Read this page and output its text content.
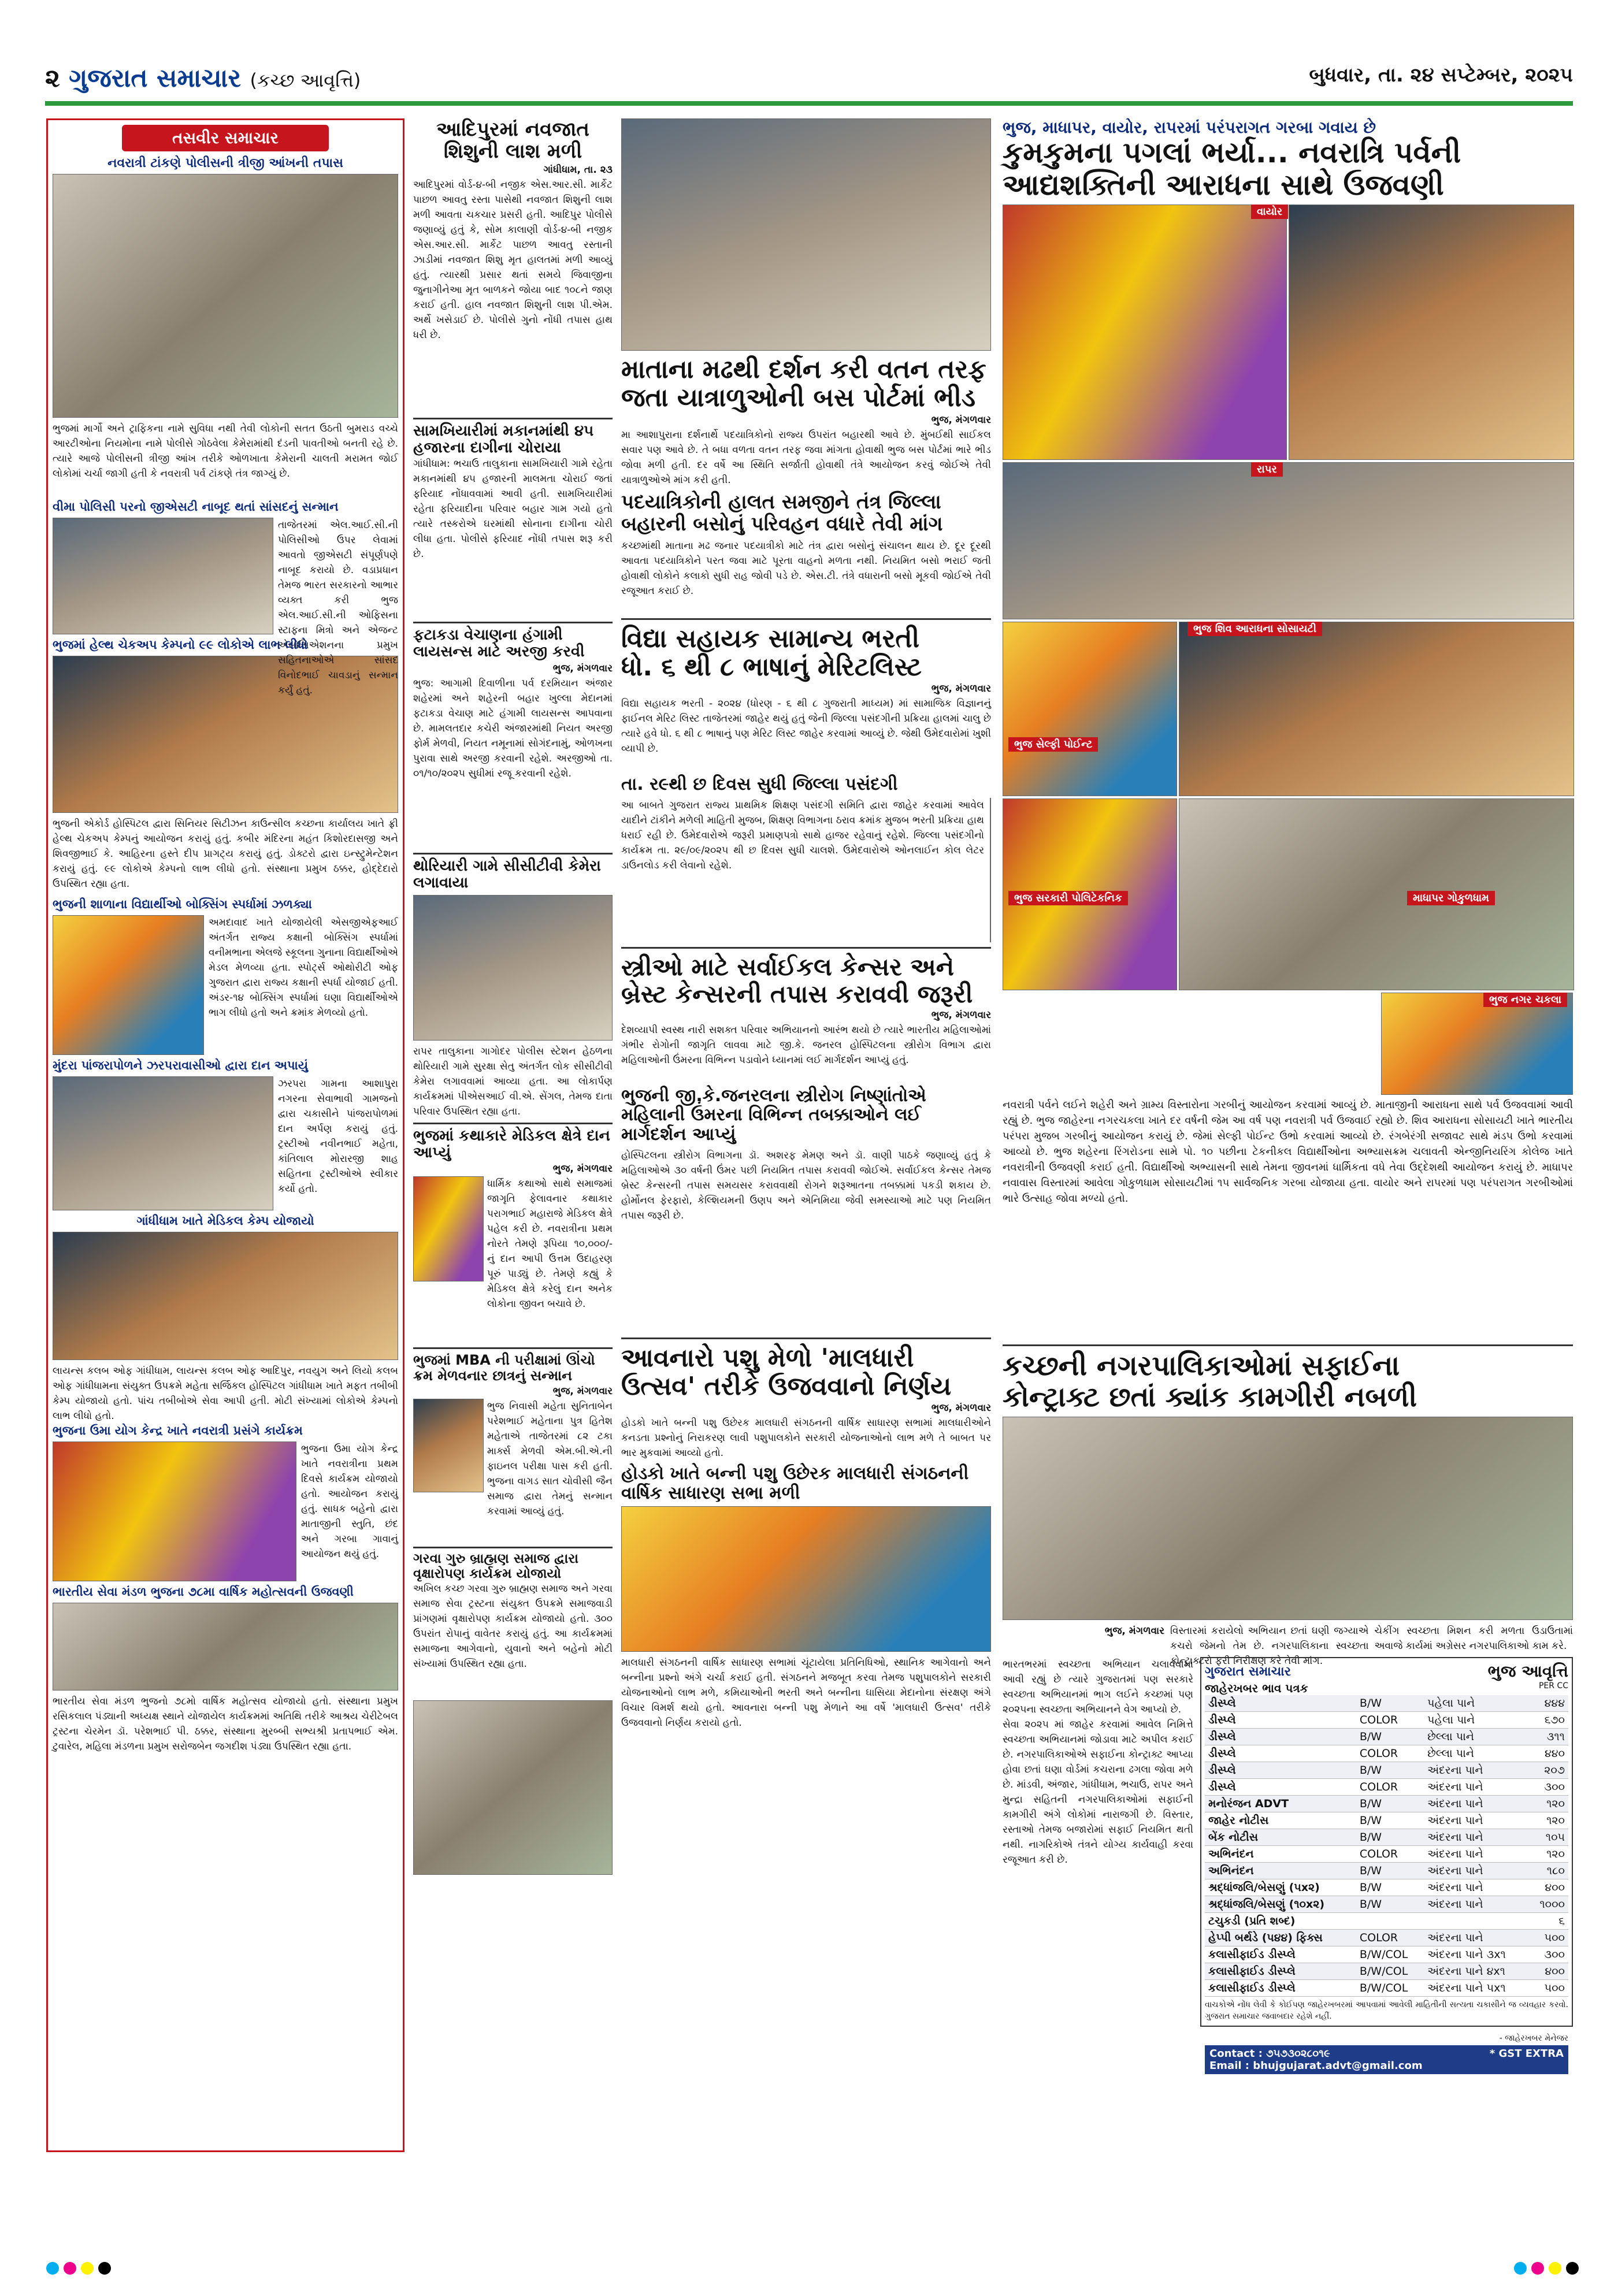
૨ ગુજરાત સમાચાર (કચ્છ આવૃત્તિ)	બુધવાર, તા. ૨૪ સપ્ટેમ્બર, ૨૦૨૫
તસવીર સમાચાર
નવરાત્રી ટાંકણે પોલીસની ત્રીજી આંખની તપાસ
ભુજમાં માર્ગો અને ટ્રાફિકના નામે સુવિધા નથી તેવી લોકોની સતત ઉઠતી બુમરાડ વચ્ચે આરટીઓના નિયમોના નામે પોલીસે ગોઠવેલા કેમેરામાંથી દંડની પાવતીઓ બનતી રહે છે. ત્યારે આજે પોલીસની ત્રીજી આંખ તરીકે ઓળખાતા કેમેરાની ચાલતી મરામત જોઈ લોકોમાં ચર્ચા જાગી હતી કે નવરાત્રી પર્વ ટાંકણે તંત્ર જાગ્યું છે.
વીમા પોલિસી પરનો જીએસટી નાબૂદ થતાં સાંસદનું સન્માન
તાજેતરમાં એલ.આઈ.સી.ની પોલિસીઓ ઉપર લેવામાં આવતો જીએસટી સંપૂર્ણપણે નાબૂદ કરાયો છે. વડાપ્રધાન તેમજ ભારત સરકારનો આભાર વ્યક્ત કરી ભુજ એલ.આઈ.સી.ની ઓફિસના સ્ટાફના મિત્રો અને એજન્ટ એસોસિએશનના પ્રમુખ સહિતનાઓએ સાંસદ વિનોદભાઈ ચાવડાનું સન્માન કર્યું હતું.
ભુજમાં હેલ્થ ચેકઅપ કેમ્પનો ૯૯ લોકોએ લાભ લીધો
ભુજની એકોર્ડ હોસ્પિટલ દ્વારા સિનિયર સિટીઝન કાઉન્સીલ કચ્છના કાર્યાલય ખાતે ફ્રી હેલ્થ ચેકઅપ કેમ્પનું આયોજન કરાયું હતું. કબીર મંદિરના મહંત કિશોરદાસજી અને શિવજીભાઈ કે. આહિરના હસ્તે દીપ પ્રાગટ્ય કરાયું હતું. ડોક્ટરો દ્વારા ઇન્સ્ટ્રુમેન્ટેશન કરાયું હતું. ૯૯ લોકોએ કેમ્પનો લાભ લીધો હતો. સંસ્થાના પ્રમુખ ઠક્કર, હોદ્દેદારો ઉપસ્થિત રહ્યા હતા.
ભુજની શાળાના વિદ્યાર્થીઓ બોક્સિંગ સ્પર્ધામાં ઝળક્યા
અમદાવાદ ખાતે યોજાયેલી એસજીએફઆઈ અંતર્ગત રાજ્ય કક્ષાની બોક્સિંગ સ્પર્ધામાં વનીમભાના એલજે સ્કૂલના ગુનાના વિદ્યાર્થીઓએ મેડલ મેળવ્યા હતા. સ્પોર્ટ્સ ઓથોરીટી ઓફ ગુજરાત દ્વારા રાજ્ય કક્ષાની સ્પર્ધા યોજાઈ હતી. અંડર-૧૪ બોક્સિંગ સ્પર્ધામાં ઘણા વિદ્યાર્થીઓએ ભાગ લીધો હતો અને ક્રમાંક મેળવ્યો હતો.
મુંદરા પાંજરાપોળને ઝરપરાવાસીઓ દ્વારા દાન અપાયું
ઝરપરા ગામના આશાપુરા નગરના સેવાભાવી ગામજનો દ્વારા ચકાસીને પાંજરાપોળમાં દાન અર્પણ કરાયું હતું. ટ્રસ્ટીઓ નવીનભાઈ મહેતા, કાંતિલાલ મોરારજી શાહ સહિતના ટ્રસ્ટીઓએ સ્વીકાર કર્યો હતો.
ગાંધીધામ ખાતે મેડિકલ કેમ્પ યોજાયો
લાયન્સ કલબ ઓફ ગાંધીધામ, લાયન્સ કલબ ઓફ આદિપુર, નવયુગ અને લિયો કલબ ઓફ ગાંધીધામના સંયુક્ત ઉપક્રમે મહેતા સર્જિકલ હોસ્પિટલ ગાંધીધામ ખાતે મફત તબીબી કેમ્પ યોજાયો હતો. પાંચ તબીબોએ સેવા આપી હતી. મોટી સંખ્યામાં લોકોએ કેમ્પનો લાભ લીધો હતો.
ભુજના ઉમા યોગ કેન્દ્ર ખાતે નવરાત્રી પ્રસંગે કાર્યક્રમ
ભુજના ઉમા યોગ કેન્દ્ર ખાતે નવરાત્રીના પ્રથમ દિવસે કાર્યક્રમ યોજાયો હતો. આયોજન કરાયું હતું. સાધક બહેનો દ્વારા માતાજીની સ્તુતિ, છંદ અને ગરબા ગાવાનું આયોજન થયું હતું.
ભારતીય સેવા મંડળ ભુજના ૭૮મા વાર્ષિક મહોત્સવની ઉજવણી
ભારતીય સેવા મંડળ ભુજનો ૭૮મો વાર્ષિક મહોત્સવ યોજાયો હતો. સંસ્થાના પ્રમુખ રસિકલાલ પંડ્યાની અધ્યક્ષ સ્થાને યોજાયેલ કાર્યક્રમમાં અતિથિ તરીકે આશ્રય ચેરીટેબલ ટ્રસ્ટના ચેરમેન ડૉ. પરેશભાઈ પી. ઠક્કર, સંસ્થાના મુરબ્બી સભ્યશ્રી પ્રતાપભાઈ એમ. ટુવારેલ, મહિલા મંડળના પ્રમુખ સરોજબેન જગદીશ પંડ્યા ઉપસ્થિત રહ્યા હતા.
આદિપુરમાં નવજાત શિશુની લાશ મળી
ગાંધીધામ, તા. ૨૩
આદિપુરમાં વોર્ડ-૪-બી નજીક એસ.આર.સી. માર્કેટ પાછળ આવતુ રસ્તા પાસેથી નવજાત શિશુની લાશ મળી આવતા ચકચાર પ્રસરી હતી. આદિપુર પોલીસે જણાવ્યું હતું કે, સોમ કાલાણી વોર્ડ-૪-બી નજીક એસ.આર.સી. માર્કેટ પાછળ આવતુ રસ્તાની ઝાડીમાં નવજાત શિશુ મૃત હાલતમાં મળી આવ્યું હતું. ત્યારથી પ્રસાર થતાં સમયે જિવાજીના જુનાગીનેઆ મૃત બાળકને જોયા બાદ ૧૦૮ને જાણ કરાઈ હતી. હાલ નવજાત શિશુની લાશ પી.એમ. અર્થે ખસેડાઈ છે. પોલીસે ગુનો નોંધી તપાસ હાથ ધરી છે.
સામખિયારીમાં મકાનમાંથી ૪૫ હજારના દાગીના ચોરાયા
ગાંધીધામ: ભચાઉ તાલુકાના સામખિયારી ગામે રહેતા મકાનમાંથી ૪૫ હજારની માલમતા ચોરાઈ જતાં ફરિયાદ નોંધાવવામાં આવી હતી. સામખિયારીમાં રહેતા ફરિયાદીના પરિવાર બહાર ગામ ગયો હતો ત્યારે તસ્કરોએ ઘરમાંથી સોનાના દાગીના ચોરી લીધા હતા. પોલીસે ફરિયાદ નોંધી તપાસ શરૂ કરી છે.
ફટાકડા વેચાણના હંગામી લાયસન્સ માટે અરજી કરવી
ભુજ, મંગળવાર
ભુજ: આગામી દિવાળીના પર્વ દરમિયાન અંજાર શહેરમાં અને શહેરની બહાર ખુલ્લા મેદાનમાં ફટાકડા વેચાણ માટે હંગામી લાયસન્સ આપવાના છે. મામલતદાર કચેરી અંજારમાંથી નિયત અરજી ફોર્મ મેળવી, નિયત નમૂનામાં સોગંદનામું, ઓળખના પુરાવા સાથે અરજી કરવાની રહેશે. અરજીઓ તા. ૦૧/૧૦/૨૦૨૫ સુધીમાં રજૂ કરવાની રહેશે.
થોરિયારી ગામે સીસીટીવી કેમેરા લગાવાયા
રાપર તાલુકાના ગાગોદર પોલીસ સ્ટેશન હેઠળના થોરિયારી ગામે સુરક્ષા સેતુ અંતર્ગત લોક સીસીટીવી કેમેરા લગાવવામાં આવ્યા હતા. આ લોકાર્પણ કાર્યક્રમમાં પીએસઆઈ વી.એ. સેંગલ, તેમજ દાતા પરિવાર ઉપસ્થિત રહ્યા હતા.
ભુજમાં કથાકારે મેડિકલ ક્ષેત્રે દાન આપ્યું
ભુજ, મંગળવાર
ધાર્મિક કથાઓ સાથે સમાજમાં જાગૃતિ ફેલાવનાર કથાકાર પરાગભાઈ મહારાજે મેડિકલ ક્ષેત્રે પહેલ કરી છે. નવરાત્રીના પ્રથમ નોરતે તેમણે રૂપિયા ૧૦,૦૦૦/- નું દાન આપી ઉત્તમ ઉદાહરણ પૂરું પાડ્યું છે. તેમણે કહ્યું કે મેડિકલ ક્ષેત્રે કરેલું દાન અનેક લોકોના જીવન બચાવે છે.
ભુજમાં MBA ની પરીક્ષામાં ઊંચો ક્રમ મેળવનાર છાત્રનું સન્માન
ભુજ, મંગળવાર
ભુજ નિવાસી મહેતા સુનિતાબેન પરેશભાઈ મહેતાના પુત્ર હિતેશ મહેતાએ તાજેતરમાં ૮૨ ટકા માર્ક્સ મેળવી એમ.બી.એ.ની ફાઇનલ પરીક્ષા પાસ કરી હતી. ભુજના વાગડ સાત ચોવીસી જૈન સમાજ દ્વારા તેમનું સન્માન કરવામાં આવ્યું હતું.
ગરવા ગુરુ બ્રાહ્મણ સમાજ દ્વારા વૃક્ષારોપણ કાર્યક્રમ યોજાયો
અખિલ કચ્છ ગરવા ગુરુ બ્રાહ્મણ સમાજ અને ગરવા સમાજ સેવા ટ્રસ્ટના સંયુક્ત ઉપક્રમે સમાજવાડી પ્રાંગણમાં વૃક્ષારોપણ કાર્યક્રમ યોજાયો હતો. ૩૦૦ ઉપરાંત રોપાનું વાવેતર કરાયું હતું. આ કાર્યક્રમમાં સમાજના આગેવાનો, યુવાનો અને બહેનો મોટી સંખ્યામાં ઉપસ્થિત રહ્યા હતા.
માતાના મઢથી દર્શન કરી વતન તરફ
જતા યાત્રાળુઓની બસ પોર્ટમાં ભીડ
ભુજ, મંગળવાર
મા આશાપુરાના દર્શનાર્થે પદયાત્રિકોનો રાજ્ય ઉપરાંત બહારથી આવે છે. મુંબઈથી સાઈકલ સવાર પણ આવે છે. તે બધા વળતા વતન તરફ જવા માંગતા હોવાથી ભુજ બસ પોર્ટમાં ભારે ભીડ જોવા મળી હતી. દર વર્ષે આ સ્થિતિ સર્જાતી હોવાથી તંત્રે આયોજન કરવું જોઈએ તેવી યાત્રાળુઓએ માંગ કરી હતી.
પદયાત્રિકોની હાલત સમજીને તંત્ર જિલ્લા બહારની બસોનું પરિવહન વધારે તેવી માંગ
કચ્છમાંથી માતાના મઢ જનાર પદયાત્રીકો માટે તંત્ર દ્વારા બસોનું સંચાલન થાય છે. દૂર દૂરથી આવતા પદયાત્રિકોને પરત જવા માટે પૂરતા વાહનો મળતા નથી. નિયમિત બસો ભરાઈ જતી હોવાથી લોકોને કલાકો સુધી રાહ જોવી પડે છે. એસ.ટી. તંત્રે વધારાની બસો મૂકવી જોઈએ તેવી રજૂઆત કરાઈ છે.
વિદ્યા સહાયક સામાન્ય ભરતી
ધો. ૬ થી ૮ ભાષાનું મેરિટલિસ્ટ
ભુજ, મંગળવાર
વિદ્યા સહાયક ભરતી - ૨૦૨૪ (ધોરણ - ૬ થી ૮ ગુજરાતી માધ્યમ) માં સામાજિક વિજ્ઞાનનું ફાઈનલ મેરિટ લિસ્ટ તાજેતરમાં જાહેર થયું હતું જેની જિલ્લા પસંદગીની પ્રક્રિયા હાલમાં ચાલુ છે ત્યારે હવે ધો. ૬ થી ૮ ભાષાનું પણ મેરિટ લિસ્ટ જાહેર કરવામાં આવ્યું છે. જેથી ઉમેદવારોમાં ખુશી વ્યાપી છે.
તા. ર૯થી છ દિવસ સુધી જિલ્લા પસંદગી
આ બાબતે ગુજરાત રાજ્ય પ્રાથમિક શિક્ષણ પસંદગી સમિતિ દ્વારા જાહેર કરવામાં આવેલ યાદીને ટાંકીને મળેલી માહિતી મુજબ, શિક્ષણ વિભાગના ઠરાવ ક્રમાંક મુજબ ભરતી પ્રક્રિયા હાથ ધરાઈ રહી છે. ઉમેદવારોએ જરૂરી પ્રમાણપત્રો સાથે હાજર રહેવાનું રહેશે. જિલ્લા પસંદગીનો કાર્યક્રમ તા. ૨૯/૦૯/૨૦૨૫ થી છ દિવસ સુધી ચાલશે. ઉમેદવારોએ ઓનલાઈન કોલ લેટર ડાઉનલોડ કરી લેવાનો રહેશે.
સ્ત્રીઓ માટે સર્વાઈકલ કેન્સર અને
બ્રેસ્ટ કેન્સરની તપાસ કરાવવી જરૂરી
ભુજ, મંગળવાર
દેશવ્યાપી સ્વસ્થ નારી સશક્ત પરિવાર અભિયાનનો આરંભ થયો છે ત્યારે ભારતીય મહિલાઓમાં ગંભીર રોગોની જાગૃતિ લાવવા માટે જી.કે. જનરલ હોસ્પિટલના સ્ત્રીરોગ વિભાગ દ્વારા મહિલાઓની ઉંમરના વિભિન્ન પડાવોને ધ્યાનમાં લઈ માર્ગદર્શન આપ્યું હતું.
ભુજની જી.કે.જનરલના સ્ત્રીરોગ નિષ્ણાંતોએ મહિલાની ઉંમરના વિભિન્ન તબક્કાઓને લઈ માર્ગદર્શન આપ્યું
હોસ્પિટલના સ્ત્રીરોગ વિભાગના ડૉ. અશરફ મેમણ અને ડૉ. વાણી પાઠકે જણાવ્યું હતું કે મહિલાઓએ ૩૦ વર્ષની ઉંમર પછી નિયમિત તપાસ કરાવવી જોઈએ. સર્વાઈકલ કેન્સર તેમજ બ્રેસ્ટ કેન્સરની તપાસ સમયસર કરાવવાથી રોગને શરૂઆતના તબક્કામાં પકડી શકાય છે. હોર્મોનલ ફેરફારો, કેલ્શિયમની ઉણપ અને એનિમિયા જેવી સમસ્યાઓ માટે પણ નિયમિત તપાસ જરૂરી છે.
આવનારો પશુ મેળો 'માલધારી
ઉત્સવ' તરીકે ઉજવવાનો નિર્ણય
ભુજ, મંગળવાર
હોડકો ખાતે બન્ની પશુ ઉછેરક માલધારી સંગઠનની વાર્ષિક સાધારણ સભામાં માલધારીઓને કનડતા પ્રશ્નોનું નિરાકરણ લાવી પશુપાલકોને સરકારી યોજનાઓનો લાભ મળે તે બાબત પર ભાર મુકવામાં આવ્યો હતો.
હોડકો ખાતે બન્ની પશુ ઉછેરક માલધારી સંગઠનની વાર્ષિક સાધારણ સભા મળી
માલધારી સંગઠનની વાર્ષિક સાધારણ સભામાં ચૂંટાયેલા પ્રતિનિધિઓ, સ્થાનિક આગેવાનો અને બન્નીના પ્રશ્નો અંગે ચર્ચા કરાઈ હતી. સંગઠનને મજબૂત કરવા તેમજ પશુપાલકોને સરકારી યોજનાઓનો લાભ મળે, કમિયાઓની ભરતી અને બન્નીના ઘાસિયા મેદાનોના સંરક્ષણ અંગે વિચાર વિમર્શ થયો હતો. આવનારા બન્ની પશુ મેળાને આ વર્ષે 'માલધારી ઉત્સવ' તરીકે ઉજવવાનો નિર્ણય કરાયો હતો.
ભુજ, માધાપર, વાયોર, રાપરમાં પરંપરાગત ગરબા ગવાય છે
કુમકુમના પગલાં ભર્યા... નવરાત્રિ પર્વની
આદ્યશક્તિની આરાધના સાથે ઉજવણી
વાયોર
રાપર
ભુજ સેલ્ફી પોઈન્ટ
ભુજ શિવ આરાધના સોસાયટી
ભુજ સરકારી પોલિટેકનિક	માધાપર ગોકુળધામ
ભુજ નગર ચકલા
નવરાત્રી પર્વને લઈને શહેરી અને ગ્રામ્ય વિસ્તારોના ગરબીનું આયોજન કરવામાં આવ્યું છે. માતાજીની આરાધના સાથે પર્વ ઉજવવામાં આવી રહ્યું છે. ભુજ જાહેરના નગરચકલા ખાતે દર વર્ષની જેમ આ વર્ષ પણ નવરાત્રી પર્વ ઉજવાઈ રહ્યો છે. શિવ આરાધના સોસાયટી ખાતે ભારતીય પરંપરા મુજબ ગરબીનું આયોજન કરાયું છે. જેમાં સેલ્ફી પોઈન્ટ ઉભો કરવામાં આવ્યો છે. રંગબેરંગી સજાવટ સાથે મંડપ ઉભો કરવામાં આવ્યો છે. ભુજ શહેરના રિંગરોડના સામે પો. ૧૦ પછીના ટેકનીકલ વિદ્યાર્થીઓના અભ્યાસક્રમ ચલાવતી એન્જીનિયરિંગ કોલેજ ખાતે નવરાત્રીની ઉજવણી કરાઈ હતી. વિદ્યાર્થીઓ અભ્યાસની સાથે તેમના જીવનમાં ધાર્મિકતા વધે તેવા ઉદ્દેશથી આયોજન કરાયું છે. માધાપર નવાવાસ વિસ્તારમાં આવેલા ગોકુળધામ સોસાયટીમાં ૧૫ સાર્વજનિક ગરબા યોજાયા હતા. વાયોર અને રાપરમાં પણ પરંપરાગત ગરબીઓમાં ભારે ઉત્સાહ જોવા મળ્યો હતો.
કચ્છની નગરપાલિકાઓમાં સફાઈના
કોન્ટ્રાક્ટ છતાં ક્યાંક કામગીરી નબળી
ભુજ, મંગળવાર વિસ્તારમાં કરાયેલો અભિયાન છતાં ઘણી જગ્યાએ કચરો જેમનો તેમ છે. નગરપાલિકાના સ્વચ્છતા કોન્ટ્રાક્ટરો ફરી નિરીક્ષણ કરે તેવી માંગ.
ચેકીંગ સ્વચ્છતા મિશન કરી મળતા ઉડાઉતામાં અવાજે કાર્યમાં અગ્રેસર નગરપાલિકાઓ કામ કરે.
ભારતભરમાં સ્વચ્છતા અભિયાન ચલાવવામાં આવી રહ્યું છે ત્યારે ગુજરાતમાં પણ સરકારે સ્વચ્છતા અભિયાનમાં ભાગ લઈને કચ્છમાં પણ ૨૦૨૫ના સ્વચ્છતા અભિયાનને વેગ આપ્યો છે.
સેવા ૨૦૨૫ માં જાહેર કરવામાં આવેલ નિમિત્તે સ્વચ્છતા અભિયાનમાં જોડાવા માટે અપીલ કરાઈ છે. નગરપાલિકાઓએ સફાઈના કોન્ટ્રાક્ટ આપ્યા હોવા છતાં ઘણા વોર્ડમાં કચરાના ઢગલા જોવા મળે છે. માંડવી, અંજાર, ગાંધીધામ, ભચાઉ, રાપર અને મુન્દ્રા સહિતની નગરપાલિકાઓમાં સફાઈની કામગીરી અંગે લોકોમાં નારાજગી છે. વિસ્તાર, રસ્તાઓ તેમજ બજારોમાં સફાઈ નિયમિત થતી નથી. નાગરિકોએ તંત્રને યોગ્ય કાર્યવાહી કરવા રજૂઆત કરી છે.
ગુજરાત સમાચાર	ભુજ આવૃત્તિ
જાહેરખબર ભાવ પત્રક	PER CC
ડીસ્પ્લે	B/W	પહેલા પાને	૪૪૪
ડીસ્પ્લે	COLOR	પહેલા પાને	૬૭૦
ડીસ્પ્લે	B/W	છેલ્લા પાને	૩૧૧
ડીસ્પ્લે	COLOR	છેલ્લા પાને	૪૪૦
ડીસ્પ્લે	B/W	અંદરના પાને	૨૦૭
ડીસ્પ્લે	COLOR	અંદરના પાને	૩૦૦
મનોરંજન ADVT	B/W	અંદરના પાને	૧૨૦
જાહેર નોટીસ	B/W	અંદરના પાને	૧૨૦
બેંક નોટીસ	B/W	અંદરના પાને	૧૦૫
અભિનંદન	COLOR	અંદરના પાને	૧૨૦
અભિનંદન	B/W	અંદરના પાને	૧૮૦
શ્રદ્ધાંજલિ/બેસણું (૫x૨)	B/W	અંદરના પાને	૪૦૦
શ્રદ્ધાંજલિ/બેસણું (૧૦x૨)	B/W	અંદરના પાને	૧૦૦૦
ટચુકડી (પ્રતિ શબ્દ)			૬
હેપ્પી બર્થડે (પ૪૪) ફિક્સ	COLOR	અંદરના પાને	૫૦૦
કલાસીફાઈડ ડીસ્પ્લે	B/W/COL	અંદરના પાને ૩x૧	૩૦૦
કલાસીફાઈડ ડીસ્પ્લે	B/W/COL	અંદરના પાને ૪x૧	૪૦૦
કલાસીફાઈડ ડીસ્પ્લે	B/W/COL	અંદરના પાને ૫x૧	૫૦૦
વાચકોએ નોંધ લેવી કે કોઈપણ જાહેરખબરમાં આપવામાં આવેલી માહિતીની સત્યતા ચકાસીને જ વ્યવહાર કરવો. ગુજરાત સમાચાર જવાબદાર રહેશે નહીં.
- જાહેરખબર મેનેજર
Contact : ૭૫૭૩૦૨૮૦૧૯	* GST EXTRA
Email : bhujgujarat.advt@gmail.com
